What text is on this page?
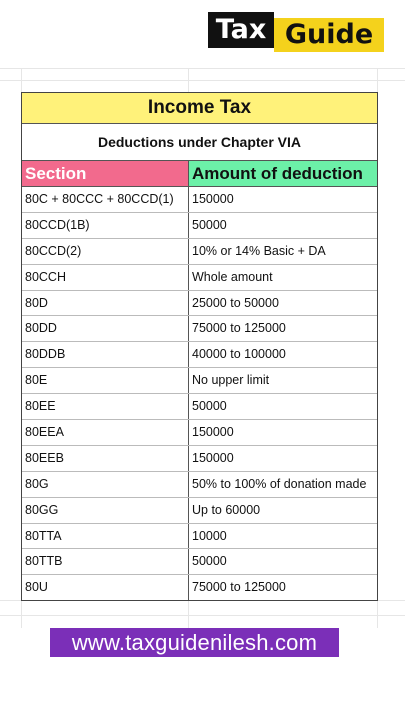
Tax Guide
Income Tax
Deductions under Chapter VIA
Section	Amount of deduction
80C + 80CCC + 80CCD(1)	150000
80CCD(1B)	50000
80CCD(2)	10% or 14% Basic + DA
80CCH	Whole amount
80D	25000 to 50000
80DD	75000 to 125000
80DDB	40000 to 100000
80E	No upper limit
80EE	50000
80EEA	150000
80EEB	150000
80G	50% to 100% of donation made
80GG	Up to 60000
80TTA	10000
80TTB	50000
80U	75000 to 125000
www.taxguidenilesh.com
